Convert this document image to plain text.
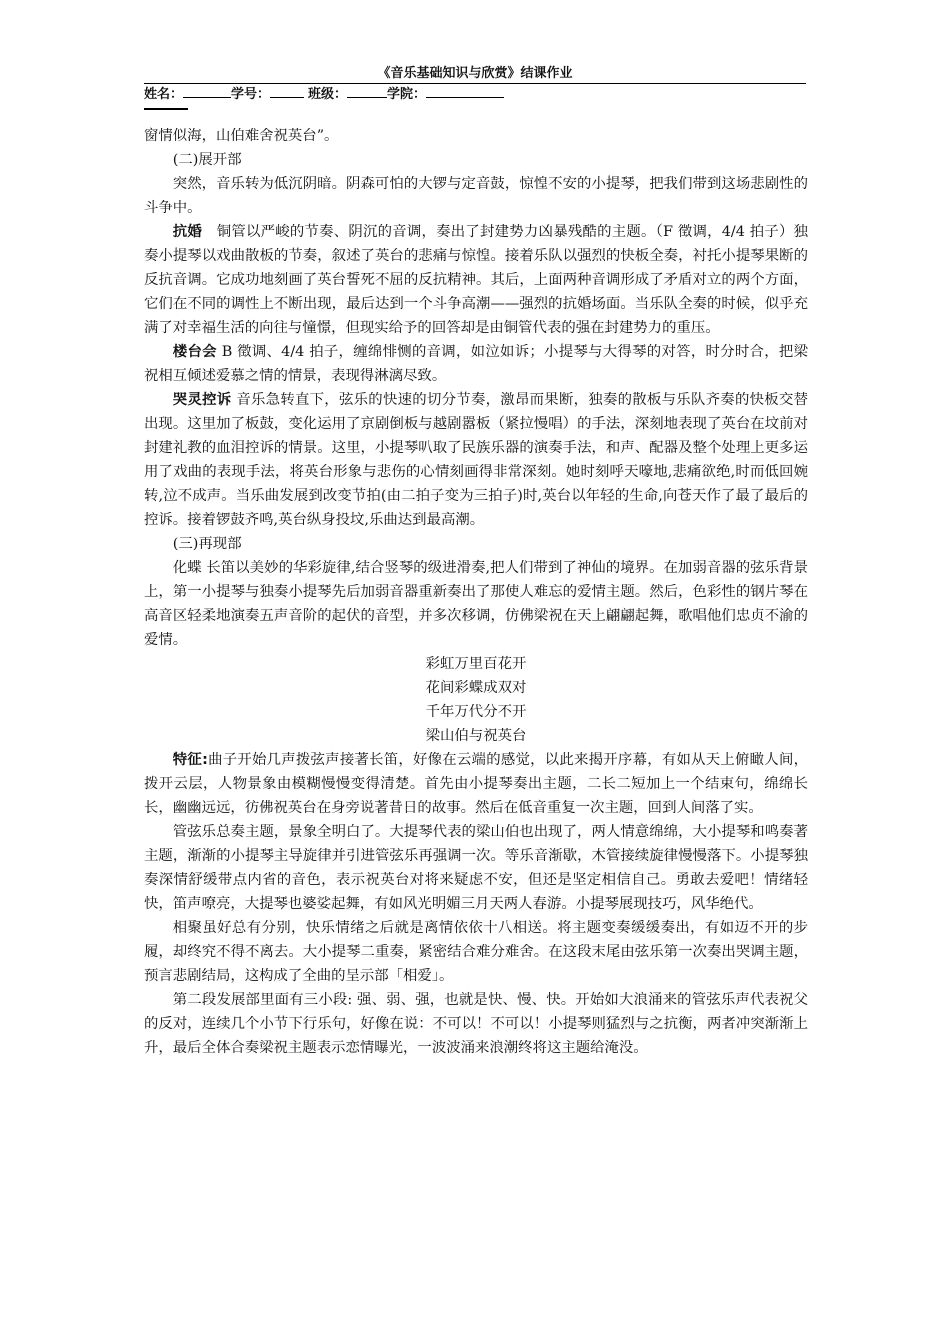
《音乐基础知识与欣赏》结课作业
姓名：	学号：	班级：	学院：

窗情似海，山伯难舍祝英台”。

(二)展开部

突然，音乐转为低沉阴暗。阴森可怕的大锣与定音鼓，惊惶不安的小提琴，把我们带到这场悲剧性的斗争中。

抗婚　铜管以严峻的节奏、阴沉的音调，奏出了封建势力凶暴残酷的主题。（F 徵调，4/4 拍子）独奏小提琴以戏曲散板的节奏，叙述了英台的悲痛与惊惶。接着乐队以强烈的快板全奏，衬托小提琴果断的反抗音调。它成功地刻画了英台誓死不屈的反抗精神。其后，上面两种音调形成了矛盾对立的两个方面，它们在不同的调性上不断出现，最后达到一个斗争高潮——强烈的抗婚场面。当乐队全奏的时候，似乎充满了对幸福生活的向往与憧憬，但现实给予的回答却是由铜管代表的强在封建势力的重压。

楼台会 B 徵调、4/4 拍子，缠绵悱恻的音调，如泣如诉；小提琴与大得琴的对答，时分时合，把梁祝相互倾述爱慕之情的情景，表现得淋漓尽致。

哭灵控诉 音乐急转直下，弦乐的快速的切分节奏，激昂而果断，独奏的散板与乐队齐奏的快板交替出现。这里加了板鼓，变化运用了京剧倒板与越剧嚣板（紧拉慢唱）的手法，深刻地表现了英台在坟前对封建礼教的血泪控诉的情景。这里，小提琴叭取了民族乐器的演奏手法，和声、配器及整个处理上更多运用了戏曲的表现手法，将英台形象与悲伤的心情刻画得非常深刻。她时刻呼天嚎地,悲痛欲绝,时而低回婉转,泣不成声。当乐曲发展到改变节拍(由二拍子变为三拍子)时,英台以年轻的生命,向苍天作了最了最后的控诉。接着锣鼓齐鸣,英台纵身投坟,乐曲达到最高潮。

(三)再现部

化蝶 长笛以美妙的华彩旋律,结合竖琴的级进滑奏,把人们带到了神仙的境界。在加弱音器的弦乐背景上，第一小提琴与独奏小提琴先后加弱音器重新奏出了那使人难忘的爱情主题。然后，色彩性的钢片琴在高音区轻柔地演奏五声音阶的起伏的音型，并多次移调，仿佛梁祝在天上翩翩起舞，歌唱他们忠贞不渝的爱情。

彩虹万里百花开

花间彩蝶成双对

千年万代分不开

梁山伯与祝英台

特征:曲子开始几声拨弦声接著长笛，好像在云端的感觉，以此来揭开序幕，有如从天上俯瞰人间，拨开云层，人物景象由模糊慢慢变得清楚。首先由小提琴奏出主题，二长二短加上一个结束句，绵绵长长，幽幽远远，彷佛祝英台在身旁说著昔日的故事。然后在低音重复一次主题，回到人间落了实。

管弦乐总奏主题，景象全明白了。大提琴代表的梁山伯也出现了，两人情意绵绵，大小提琴和鸣奏著主题，渐渐的小提琴主导旋律并引进管弦乐再强调一次。等乐音渐歇，木管接续旋律慢慢落下。小提琴独奏深情舒缓带点内省的音色，表示祝英台对将来疑虑不安，但还是坚定相信自己。勇敢去爱吧！情绪轻快，笛声嘹亮，大提琴也婆娑起舞，有如风光明媚三月天两人春游。小提琴展现技巧，风华绝代。

相聚虽好总有分别，快乐情绪之后就是离情依依十八相送。将主题变奏缓缓奏出，有如迈不开的步履，却终究不得不离去。大小提琴二重奏，紧密结合难分难舍。在这段末尾由弦乐第一次奏出哭调主题，预言悲剧结局，这构成了全曲的呈示部「相爱」。

第二段发展部里面有三小段: 强、弱、强，也就是快、慢、快。开始如大浪涌来的管弦乐声代表祝父的反对，连续几个小节下行乐句，好像在说：不可以！不可以！小提琴则猛烈与之抗衡，两者冲突渐渐上升，最后全体合奏梁祝主题表示恋情曝光，一波波涌来浪潮终将这主题给淹没。
